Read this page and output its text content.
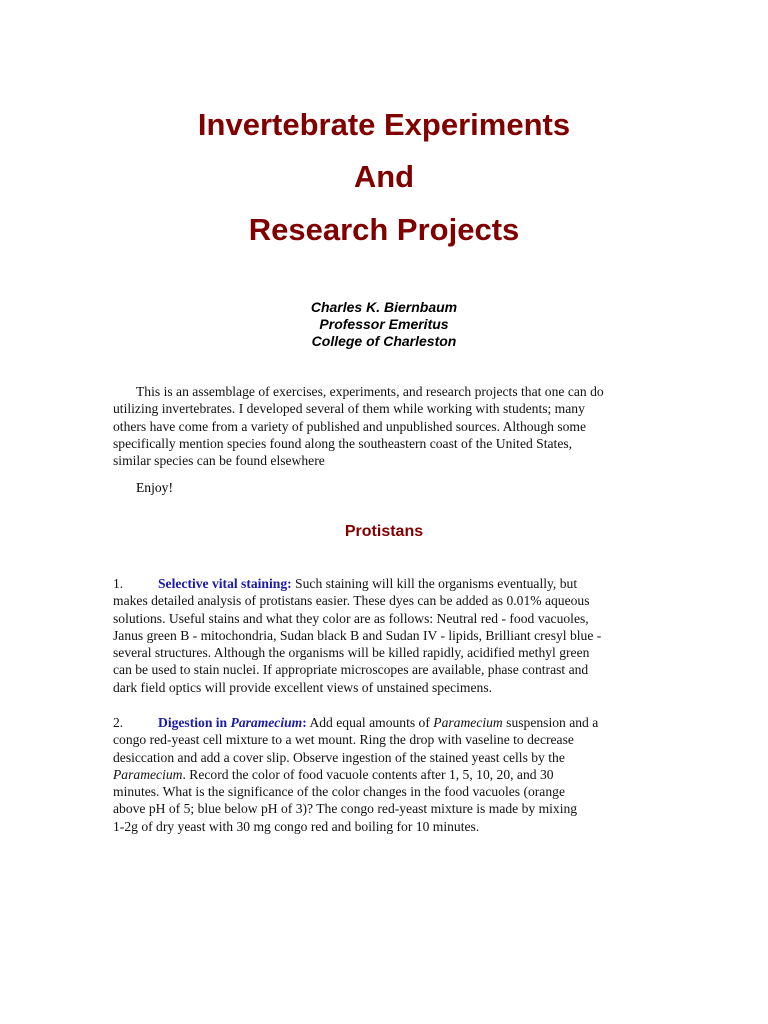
Invertebrate Experiments
And
Research Projects
Charles K. Biernbaum
Professor Emeritus
College of Charleston
This is an assemblage of exercises, experiments, and research projects that one can do
utilizing invertebrates. I developed several of them while working with students; many
others have come from a variety of published and unpublished sources. Although some
specifically mention species found along the southeastern coast of the United States,
similar species can be found elsewhere
Enjoy!
Protistans
1.	Selective vital staining: Such staining will kill the organisms eventually, but
makes detailed analysis of protistans easier. These dyes can be added as 0.01% aqueous
solutions. Useful stains and what they color are as follows: Neutral red - food vacuoles,
Janus green B - mitochondria, Sudan black B and Sudan IV - lipids, Brilliant cresyl blue -
several structures. Although the organisms will be killed rapidly, acidified methyl green
can be used to stain nuclei. If appropriate microscopes are available, phase contrast and
dark field optics will provide excellent views of unstained specimens.
2.	Digestion in Paramecium: Add equal amounts of Paramecium suspension and a
congo red-yeast cell mixture to a wet mount. Ring the drop with vaseline to decrease
desiccation and add a cover slip. Observe ingestion of the stained yeast cells by the
Paramecium. Record the color of food vacuole contents after 1, 5, 10, 20, and 30
minutes. What is the significance of the color changes in the food vacuoles (orange
above pH of 5; blue below pH of 3)? The congo red-yeast mixture is made by mixing
1-2g of dry yeast with 30 mg congo red and boiling for 10 minutes.
